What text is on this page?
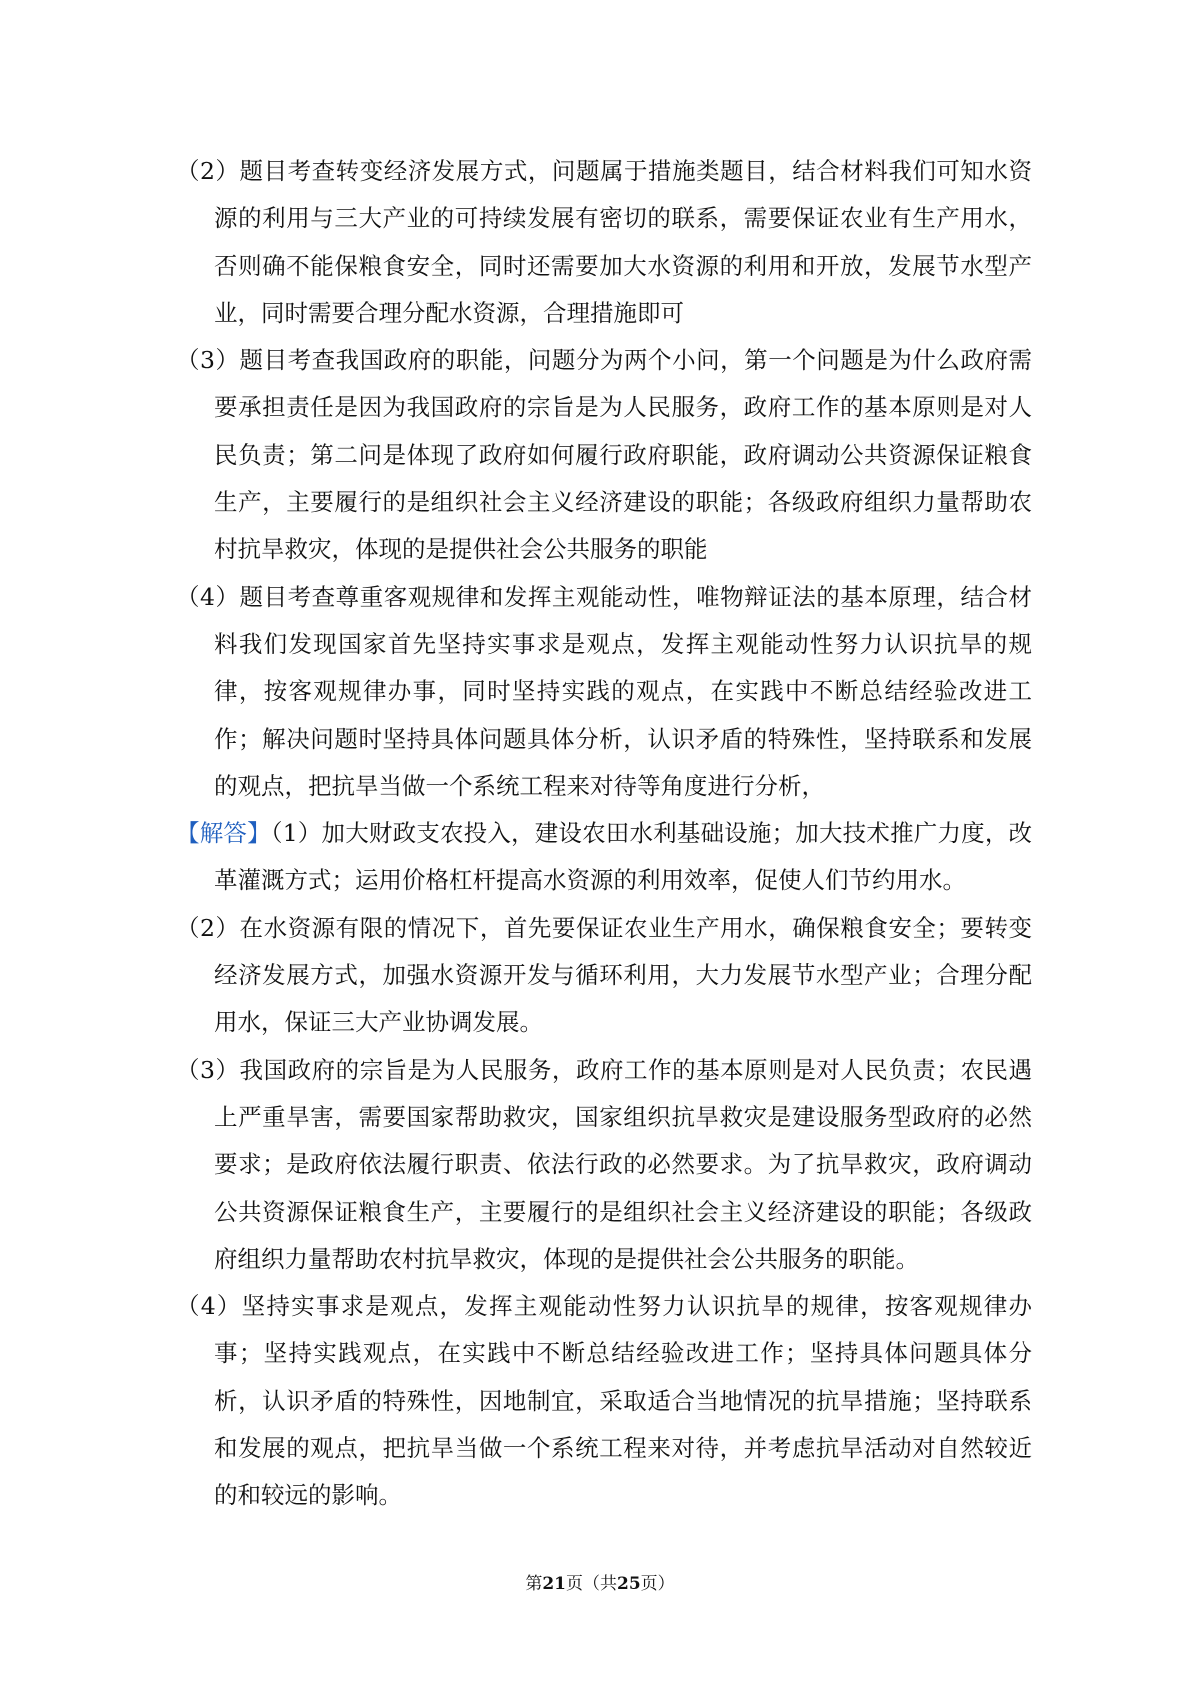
（2）题目考查转变经济发展方式，问题属于措施类题目，结合材料我们可知水资源的利用与三大产业的可持续发展有密切的联系，需要保证农业有生产用水，否则确不能保粮食安全，同时还需要加大水资源的利用和开放，发展节水型产业，同时需要合理分配水资源，合理措施即可

（3）题目考查我国政府的职能，问题分为两个小问，第一个问题是为什么政府需要承担责任是因为我国政府的宗旨是为人民服务，政府工作的基本原则是对人民负责；第二问是体现了政府如何履行政府职能，政府调动公共资源保证粮食生产，主要履行的是组织社会主义经济建设的职能；各级政府组织力量帮助农村抗旱救灾，体现的是提供社会公共服务的职能

（4）题目考查尊重客观规律和发挥主观能动性，唯物辩证法的基本原理，结合材料我们发现国家首先坚持实事求是观点，发挥主观能动性努力认识抗旱的规律，按客观规律办事，同时坚持实践的观点，在实践中不断总结经验改进工作；解决问题时坚持具体问题具体分析，认识矛盾的特殊性，坚持联系和发展的观点，把抗旱当做一个系统工程来对待等角度进行分析，

【解答】（1）加大财政支农投入，建设农田水利基础设施；加大技术推广力度，改革灌溉方式；运用价格杠杆提高水资源的利用效率，促使人们节约用水。

（2）在水资源有限的情况下，首先要保证农业生产用水，确保粮食安全；要转变经济发展方式，加强水资源开发与循环利用，大力发展节水型产业；合理分配用水，保证三大产业协调发展。

（3）我国政府的宗旨是为人民服务，政府工作的基本原则是对人民负责；农民遇上严重旱害，需要国家帮助救灾，国家组织抗旱救灾是建设服务型政府的必然要求；是政府依法履行职责、依法行政的必然要求。为了抗旱救灾，政府调动公共资源保证粮食生产，主要履行的是组织社会主义经济建设的职能；各级政府组织力量帮助农村抗旱救灾，体现的是提供社会公共服务的职能。

（4）坚持实事求是观点，发挥主观能动性努力认识抗旱的规律，按客观规律办事；坚持实践观点，在实践中不断总结经验改进工作；坚持具体问题具体分析，认识矛盾的特殊性，因地制宜，采取适合当地情况的抗旱措施；坚持联系和发展的观点，把抗旱当做一个系统工程来对待，并考虑抗旱活动对自然较近的和较远的影响。

第21页（共25页）
